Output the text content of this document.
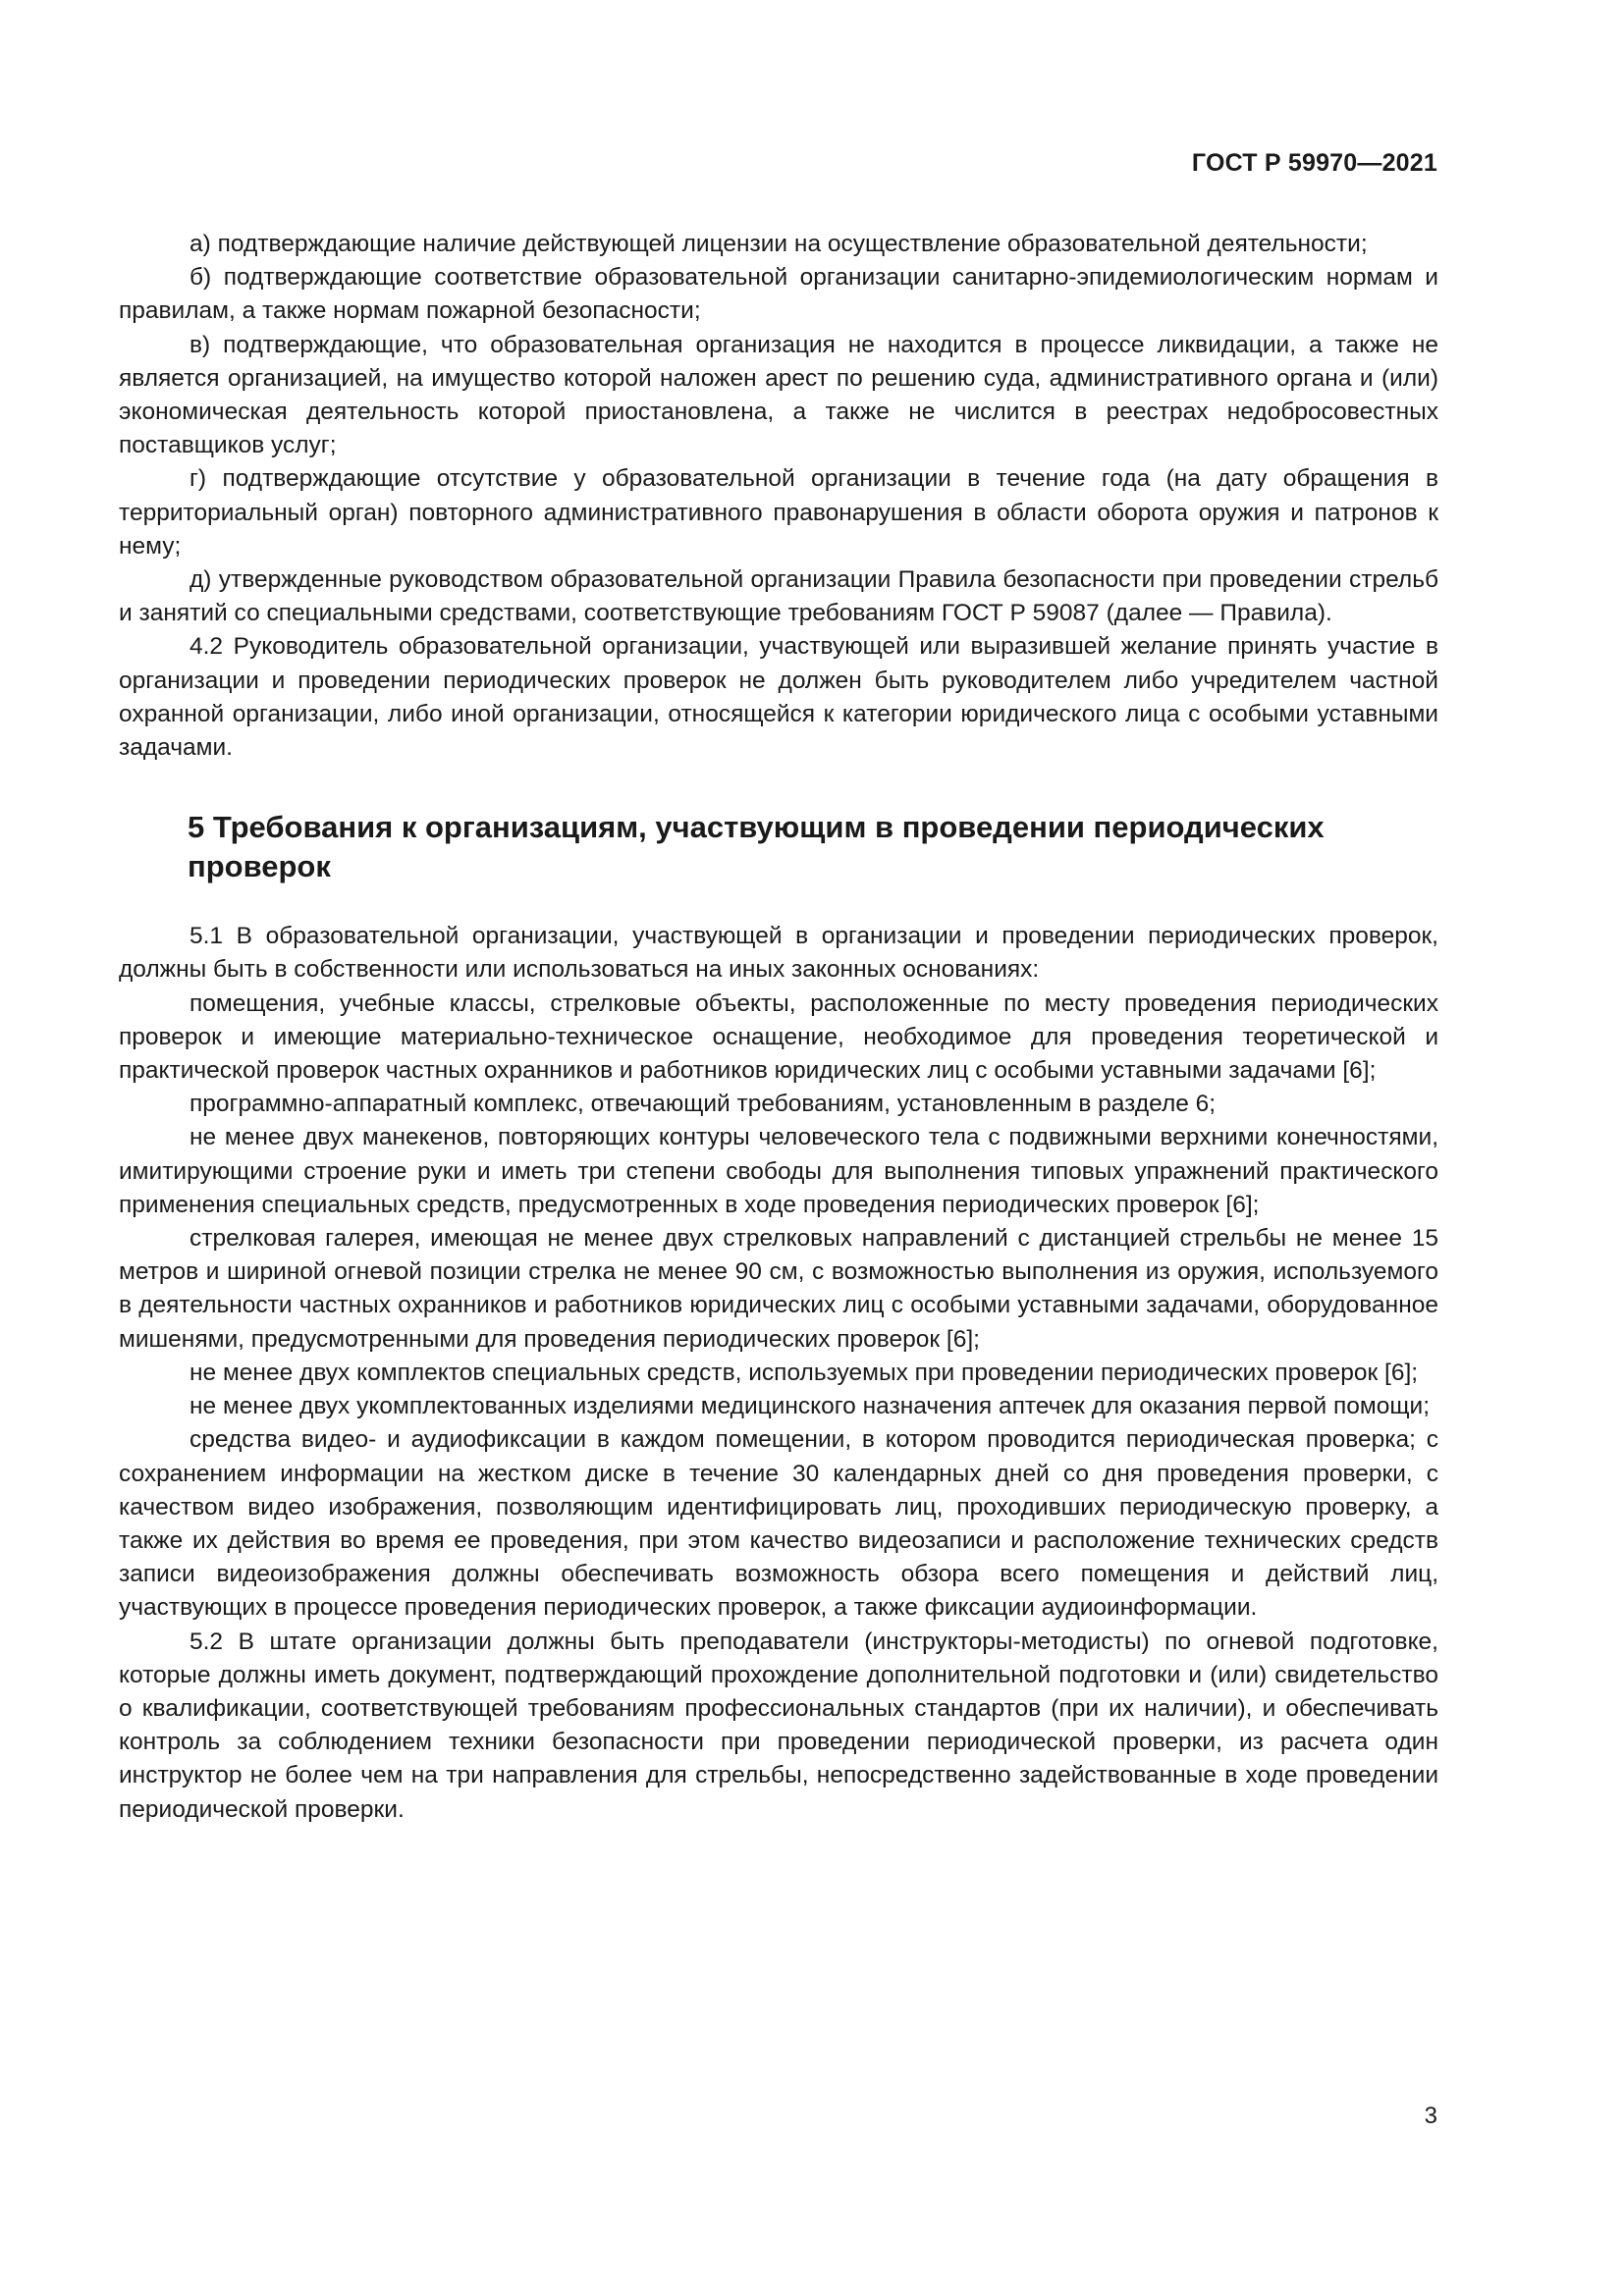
ГОСТ Р 59970—2021

а) подтверждающие наличие действующей лицензии на осуществление образовательной деятельности;

б) подтверждающие соответствие образовательной организации санитарно-эпидемиологическим нормам и правилам, а также нормам пожарной безопасности;

в) подтверждающие, что образовательная организация не находится в процессе ликвидации, а также не является организацией, на имущество которой наложен арест по решению суда, административного органа и (или) экономическая деятельность которой приостановлена, а также не числится в реестрах недобросовестных поставщиков услуг;

г) подтверждающие отсутствие у образовательной организации в течение года (на дату обращения в территориальный орган) повторного административного правонарушения в области оборота оружия и патронов к нему;

д) утвержденные руководством образовательной организации Правила безопасности при проведении стрельб и занятий со специальными средствами, соответствующие требованиям ГОСТ Р 59087 (далее — Правила).

4.2 Руководитель образовательной организации, участвующей или выразившей желание принять участие в организации и проведении периодических проверок не должен быть руководителем либо учредителем частной охранной организации, либо иной организации, относящейся к категории юридического лица с особыми уставными задачами.

5 Требования к организациям, участвующим в проведении периодических проверок

5.1 В образовательной организации, участвующей в организации и проведении периодических проверок, должны быть в собственности или использоваться на иных законных основаниях:

помещения, учебные классы, стрелковые объекты, расположенные по месту проведения периодических проверок и имеющие материально-техническое оснащение, необходимое для проведения теоретической и практической проверок частных охранников и работников юридических лиц с особыми уставными задачами [6];

программно-аппаратный комплекс, отвечающий требованиям, установленным в разделе 6;

не менее двух манекенов, повторяющих контуры человеческого тела с подвижными верхними конечностями, имитирующими строение руки и иметь три степени свободы для выполнения типовых упражнений практического применения специальных средств, предусмотренных в ходе проведения периодических проверок [6];

стрелковая галерея, имеющая не менее двух стрелковых направлений с дистанцией стрельбы не менее 15 метров и шириной огневой позиции стрелка не менее 90 см, с возможностью выполнения из оружия, используемого в деятельности частных охранников и работников юридических лиц с особыми уставными задачами, оборудованное мишенями, предусмотренными для проведения периодических проверок [6];

не менее двух комплектов специальных средств, используемых при проведении периодических проверок [6];

не менее двух укомплектованных изделиями медицинского назначения аптечек для оказания первой помощи;

средства видео- и аудиофиксации в каждом помещении, в котором проводится периодическая проверка; с сохранением информации на жестком диске в течение 30 календарных дней со дня проведения проверки, с качеством видео изображения, позволяющим идентифицировать лиц, проходивших периодическую проверку, а также их действия во время ее проведения, при этом качество видеозаписи и расположение технических средств записи видеоизображения должны обеспечивать возможность обзора всего помещения и действий лиц, участвующих в процессе проведения периодических проверок, а также фиксации аудиоинформации.

5.2 В штате организации должны быть преподаватели (инструкторы-методисты) по огневой подготовке, которые должны иметь документ, подтверждающий прохождение дополнительной подготовки и (или) свидетельство о квалификации, соответствующей требованиям профессиональных стандартов (при их наличии), и обеспечивать контроль за соблюдением техники безопасности при проведении периодической проверки, из расчета один инструктор не более чем на три направления для стрельбы, непосредственно задействованные в ходе проведении периодической проверки.

3
